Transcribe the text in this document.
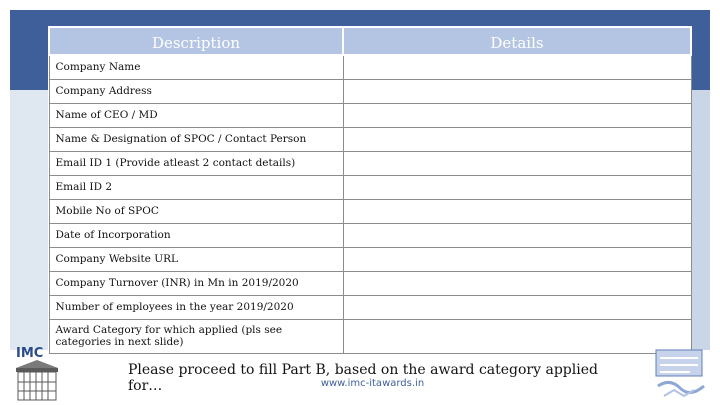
Description	Details
Company Name	
Company Address	
Name of CEO / MD	
Name & Designation of SPOC / Contact Person	
Email ID 1 (Provide atleast 2 contact details)	
Email ID 2	
Mobile No of SPOC	
Date of Incorporation	
Company Website URL	
Company Turnover (INR) in Mn in 2019/2020	
Number of employees in the year 2019/2020	
Award Category for which applied (pls see categories in next slide)	
IMC
Please proceed to fill Part B, based on the award category applied for…	www.imc-itawards.in
